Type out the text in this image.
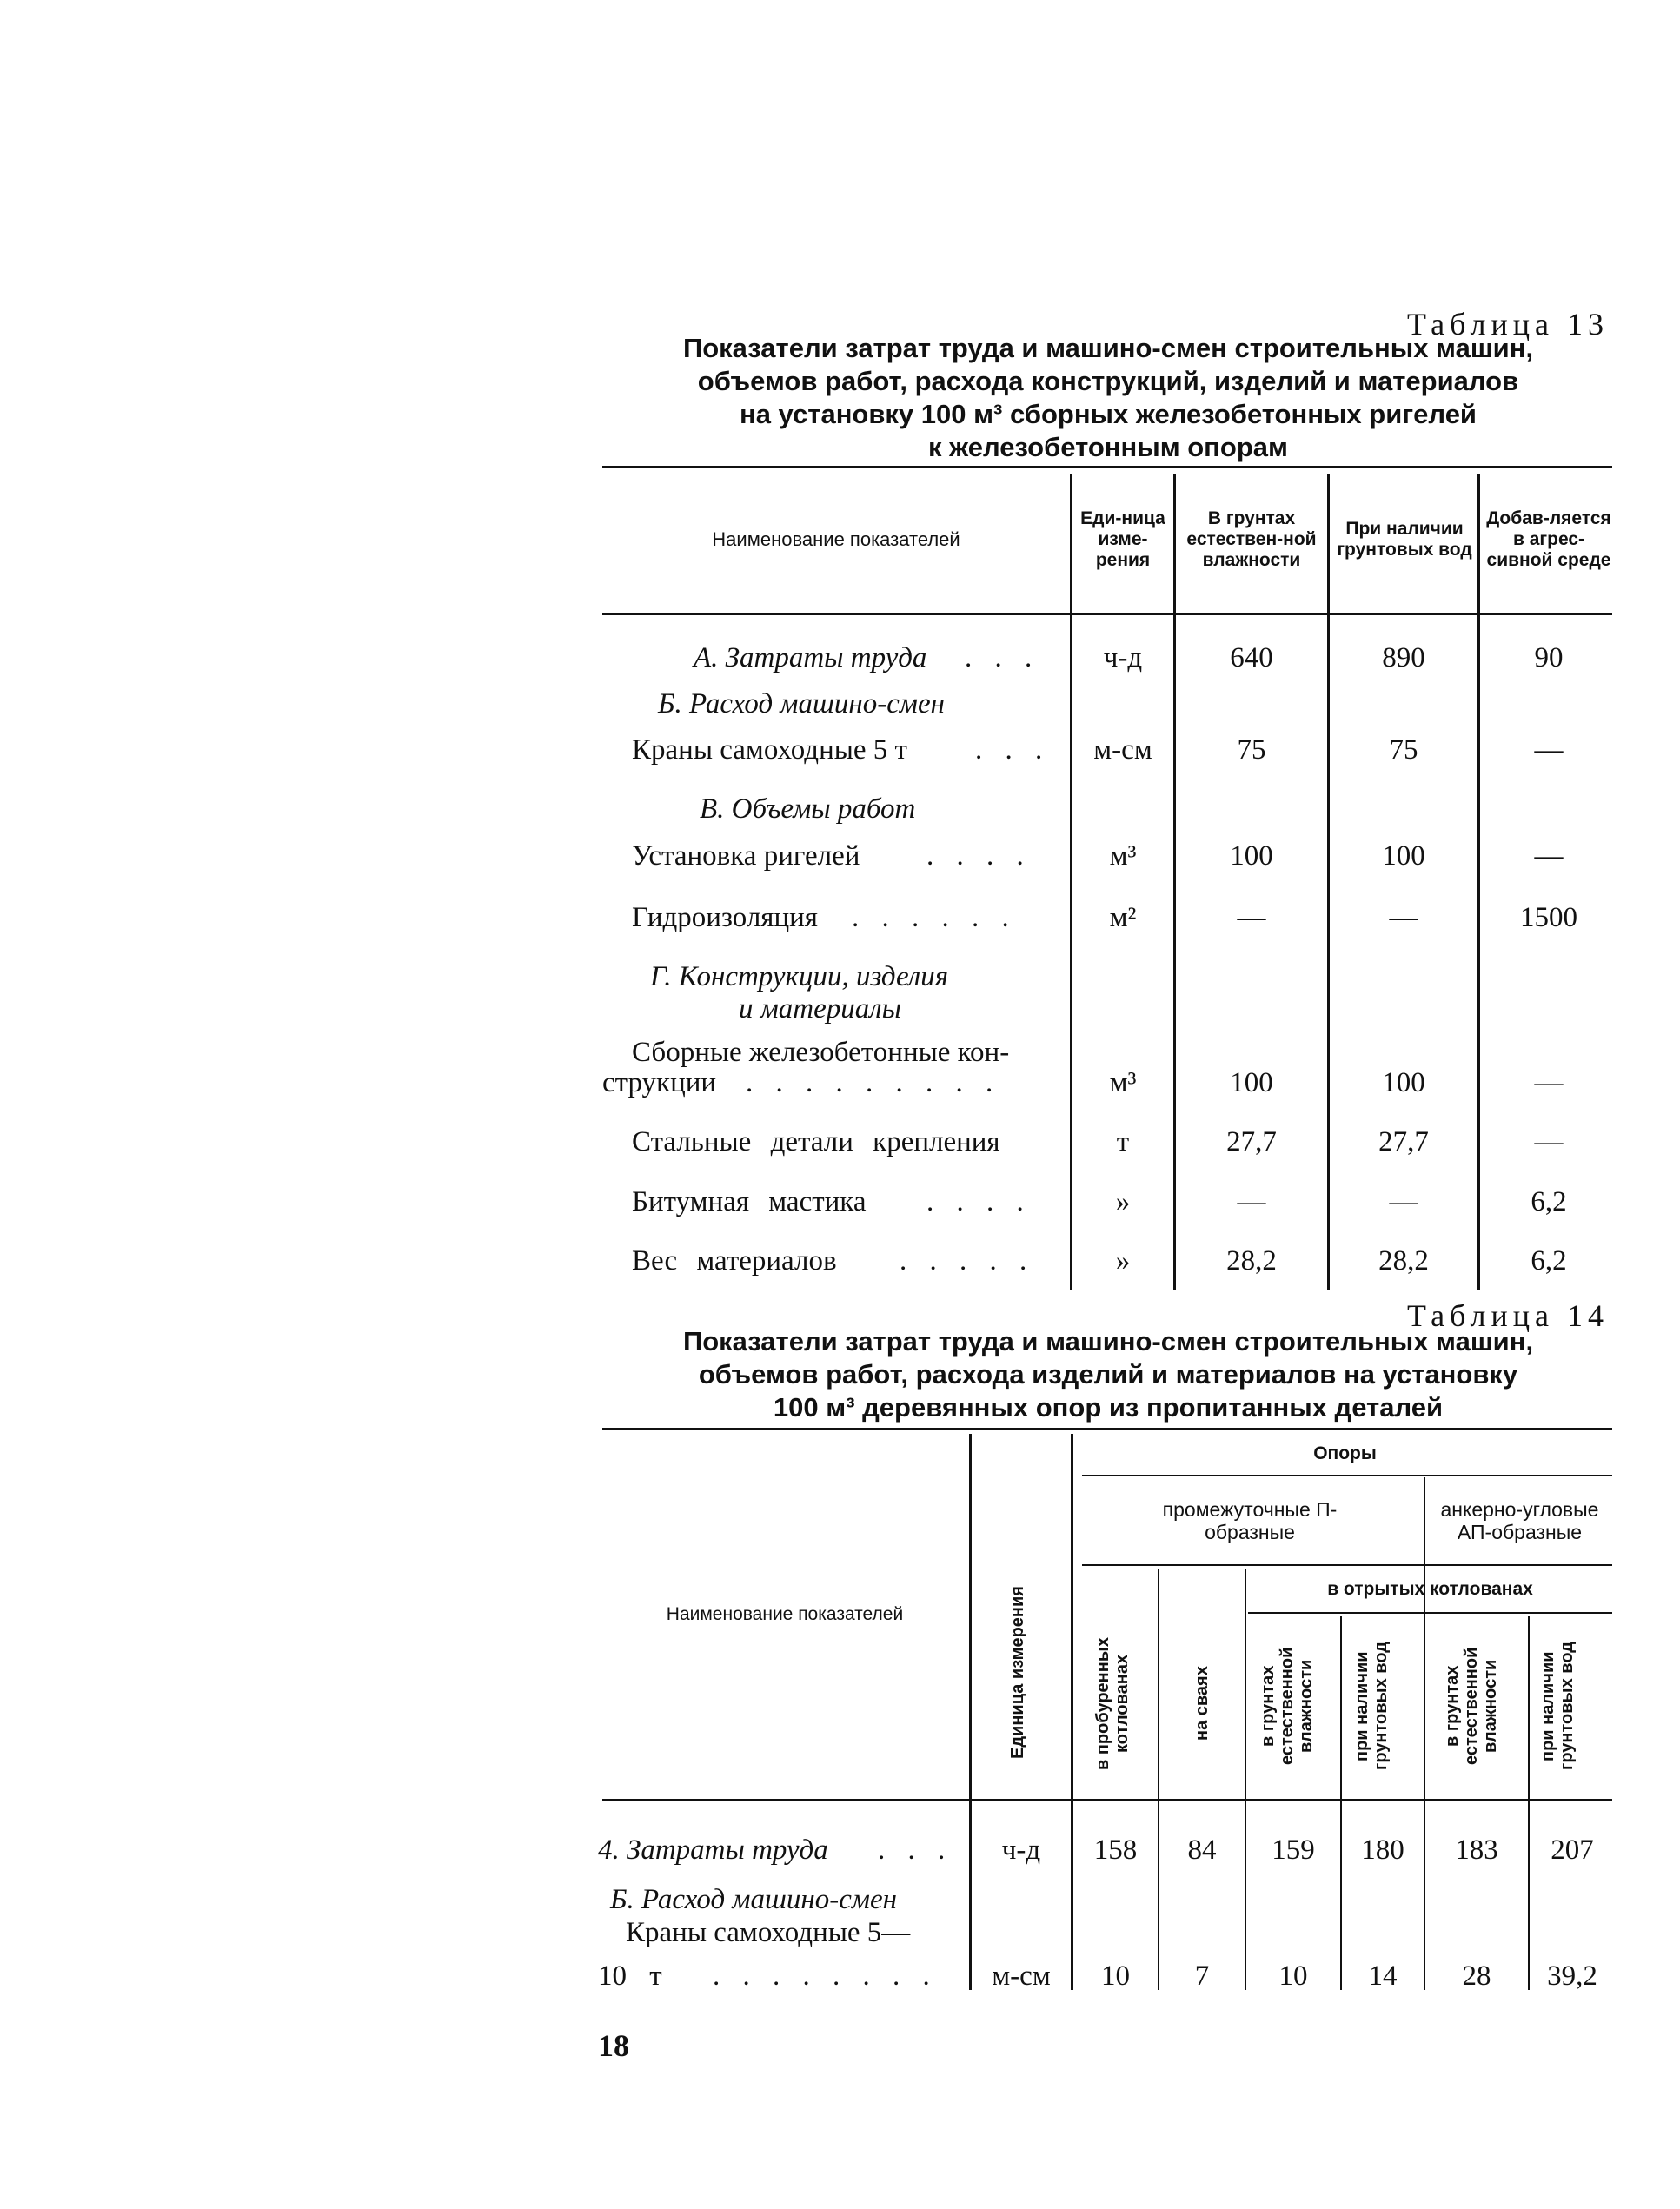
Таблица 13
Показатели затрат труда и машино-смен строительных машин,
объемов работ, расхода конструкций, изделий и материалов
на установку 100 м³ сборных железобетонных ригелей
к железобетонным опорам
Наименование показателей
Еди-ница изме-рения
В грунтах естествен-ной влажности
При наличии грунтовых вод
Добав-ляется в агрес-сивной среде
А. Затраты труда . . .	ч-д	640	890	90
Б. Расход машино-смен
Краны самоходные 5 т . . .	м-см	75	75	—
В. Объемы работ
Установка ригелей . . . .	м³	100	100	—
Гидроизоляция . . . . . .	м²	—	—	1500
Г. Конструкции, изделия
и материалы
Сборные железобетонные кон-
струкции . . . . . . . . .	м³	100	100	—
Стальные детали крепления	т	27,7	27,7	—
Битумная мастика . . . .	»	—	—	6,2
Вес материалов . . . . .	»	28,2	28,2	6,2
Таблица 14
Показатели затрат труда и машино-смен строительных машин,
объемов работ, расхода изделий и материалов на установку
100 м³ деревянных опор из пропитанных деталей
Наименование показателей	Единица измерения
Опоры
промежуточные П-образные
анкерно-угловые АП-образные
в отрытых котлованах
в пробуренных котлованах	на сваях	в грунтах естественной влажности	при наличии грунтовых вод	в грунтах естественной влажности	при наличии грунтовых вод
4. Затраты труда . . .	ч-д	158	84	159	180	183	207
Б. Расход машино-смен
Краны самоходные 5—
10 т . . . . . . . .	м-см	10	7	10	14	28	39,2
18
